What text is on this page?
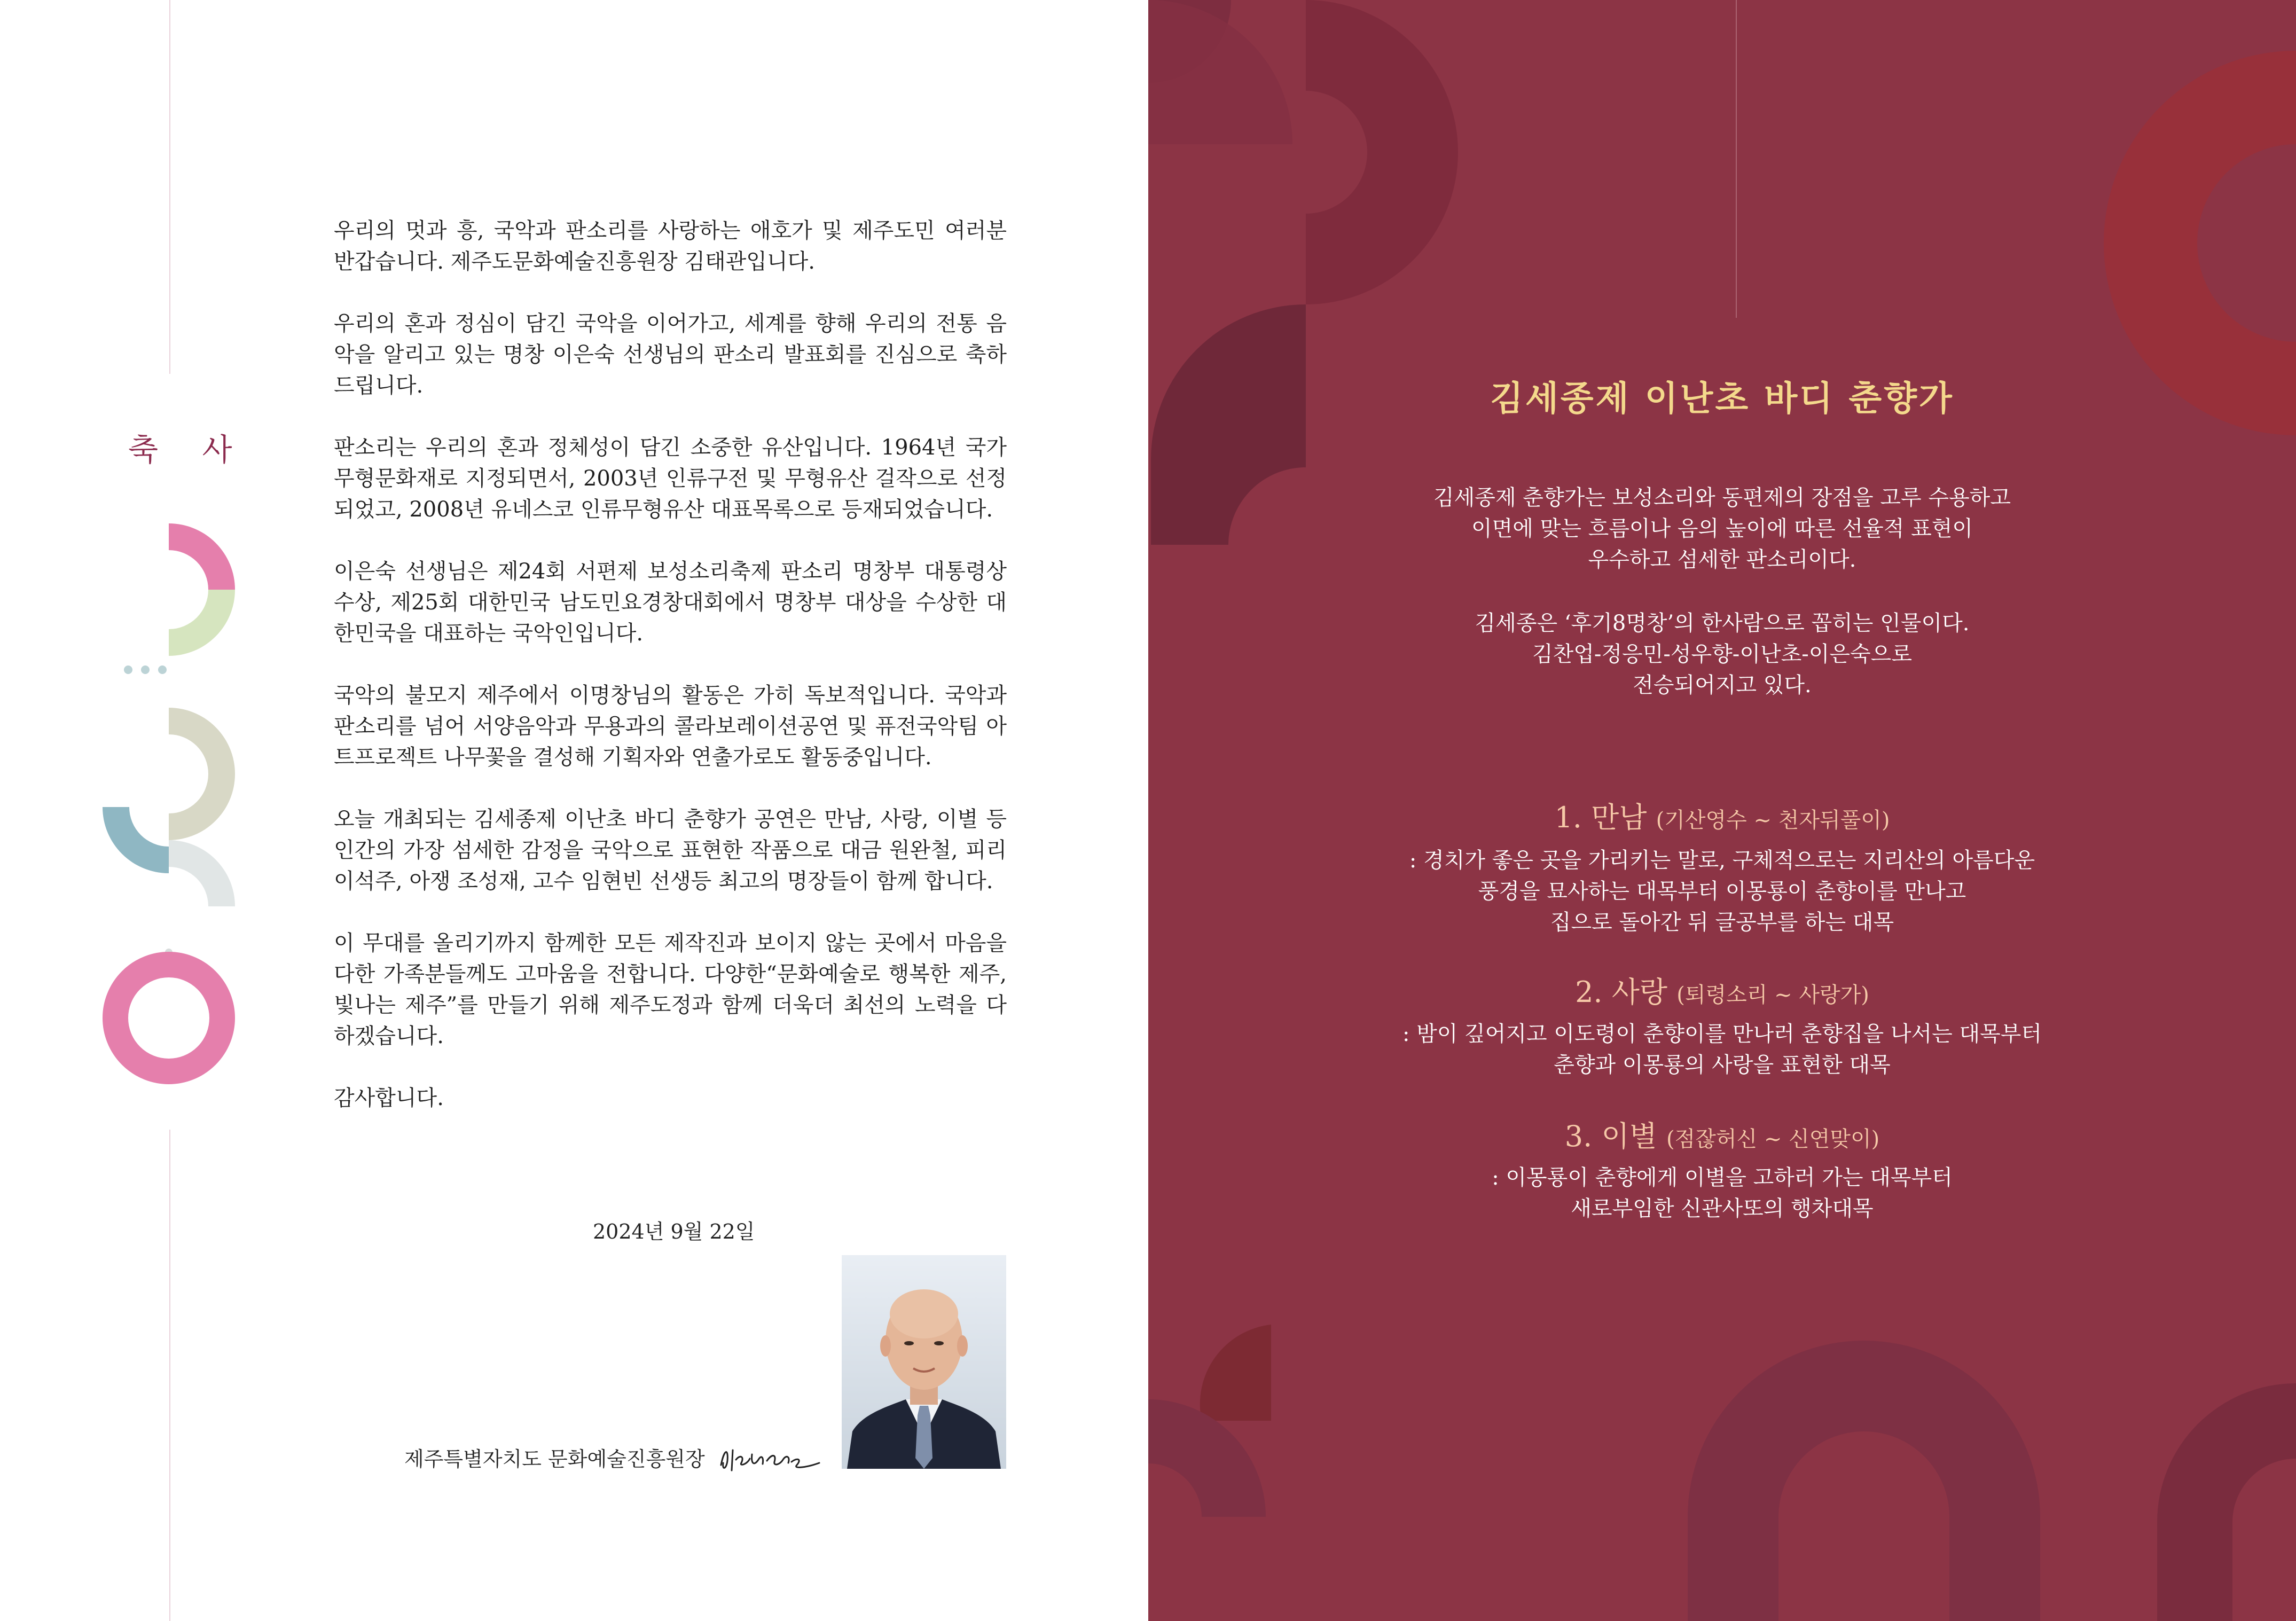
축 사

우리의 멋과 흥, 국악과 판소리를 사랑하는 애호가 및 제주도민 여러분 반갑습니다. 제주도문화예술진흥원장 김태관입니다.

우리의 혼과 정심이 담긴 국악을 이어가고, 세계를 향해 우리의 전통 음악을 알리고 있는 명창 이은숙 선생님의 판소리 발표회를 진심으로 축하드립니다.

판소리는 우리의 혼과 정체성이 담긴 소중한 유산입니다. 1964년 국가 무형문화재로 지정되면서, 2003년 인류구전 및 무형유산 걸작으로 선정되었고, 2008년 유네스코 인류무형유산 대표목록으로 등재되었습니다.

이은숙 선생님은 제24회 서편제 보성소리축제 판소리 명창부 대통령상 수상, 제25회 대한민국 남도민요경창대회에서 명창부 대상을 수상한 대한민국을 대표하는 국악인입니다.

국악의 불모지 제주에서 이명창님의 활동은 가히 독보적입니다. 국악과 판소리를 넘어 서양음악과 무용과의 콜라보레이션공연 및 퓨전국악팀 아트프로젝트 나무꽃을 결성해 기획자와 연출가로도 활동중입니다.

오늘 개최되는 김세종제 이난초 바디 춘향가 공연은 만남, 사랑, 이별 등 인간의 가장 섬세한 감정을 국악으로 표현한 작품으로 대금 원완철, 피리 이석주, 아쟁 조성재, 고수 임현빈 선생등 최고의 명장들이 함께 합니다.

이 무대를 올리기까지 함께한 모든 제작진과 보이지 않는 곳에서 마음을 다한 가족분들께도 고마움을 전합니다. 다양한“문화예술로 행복한 제주, 빛나는 제주”를 만들기 위해 제주도정과 함께 더욱더 최선의 노력을 다 하겠습니다.

감사합니다.

2024년 9월 22일
제주특별자치도 문화예술진흥원장
김세종제 이난초 바디 춘향가

김세종제 춘향가는 보성소리와 동편제의 장점을 고루 수용하고

이면에 맞는 흐름이나 음의 높이에 따른 선율적 표현이

우수하고 섬세한 판소리이다.

김세종은 ‘후기8명창’의 한사람으로 꼽히는 인물이다.

김찬업-정응민-성우향-이난초-이은숙으로

전승되어지고 있다.

1. 만남 (기산영수 ~ 천자뒤풀이)

: 경치가 좋은 곳을 가리키는 말로, 구체적으로는 지리산의 아름다운

풍경을 묘사하는 대목부터 이몽룡이 춘향이를 만나고

집으로 돌아간 뒤 글공부를 하는 대목

2. 사랑 (퇴령소리 ~ 사랑가)

: 밤이 깊어지고 이도령이 춘향이를 만나러 춘향집을 나서는 대목부터

춘향과 이몽룡의 사랑을 표현한 대목

3. 이별 (점잖허신 ~ 신연맞이)

: 이몽룡이 춘향에게 이별을 고하러 가는 대목부터

새로부임한 신관사또의 행차대목
